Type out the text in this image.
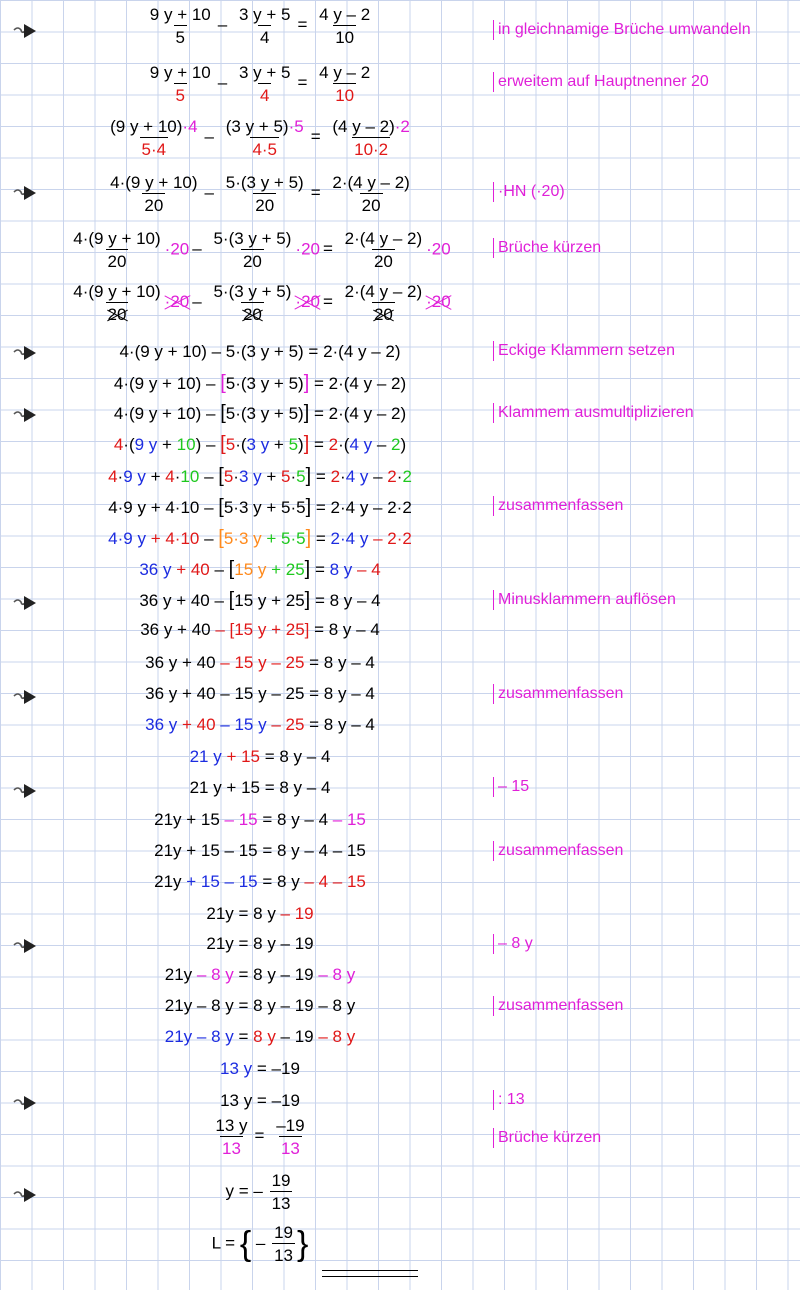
$\frac{9 y + 10}{5} - \frac{3 y + 5}{4} = \frac{4 y - 2}{10}$	in gleichnamige Brüche umwandeln
$\frac{9 y + 10}{5} - \frac{3 y + 5}{4} = \frac{4 y - 2}{10}$	erweitem auf Hauptnenner 20
$\frac{(9 y + 10)\cdot 4}{5\cdot 4} - \frac{(3 y + 5)\cdot 5}{4\cdot 5} = \frac{(4 y - 2)\cdot 2}{10\cdot 2}$
$\frac{4\cdot(9 y + 10)}{20} - \frac{5\cdot(3 y + 5)}{20} = \frac{2\cdot(4 y - 2)}{20}$	·HN (·20)
$\frac{4\cdot(9 y + 10)}{20} \cdot 20 - \frac{5\cdot(3 y + 5)}{20} \cdot 20 = \frac{2\cdot(4 y - 2)}{20} \cdot 20$	Brüche kürzen
$\frac{4\cdot(9 y + 10)}{20} \cdot 20 - \frac{5\cdot(3 y + 5)}{20} \cdot 20 = \frac{2\cdot(4 y - 2)}{20} \cdot 20$
4·(9 y + 10) – 5·(3 y + 5) = 2·(4 y – 2)	Eckige Klammern setzen
4·(9 y + 10) – [5·(3 y + 5)] = 2·(4 y – 2)
4·(9 y + 10) – [5·(3 y + 5)] = 2·(4 y – 2)	Klammem ausmultiplizieren
4·(9 y + 10) – [5·(3 y + 5)] = 2·(4 y – 2)
4·9 y + 4·10 – [5·3 y + 5·5] = 2·4 y – 2·2
4·9 y + 4·10 – [5·3 y + 5·5] = 2·4 y – 2·2	zusammenfassen
4·9 y + 4·10 – [5·3 y + 5·5] = 2·4 y – 2·2
36 y + 40 – [15 y + 25] = 8 y – 4
36 y + 40 – [15 y + 25] = 8 y – 4	Minusklammern auflösen
36 y + 40 – [15 y + 25] = 8 y – 4
36 y + 40 – 15 y – 25 = 8 y – 4
36 y + 40 – 15 y – 25 = 8 y – 4	zusammenfassen
36 y + 40 – 15 y – 25 = 8 y – 4
21 y + 15 = 8 y – 4
21 y + 15 = 8 y – 4	– 15
21y + 15 – 15 = 8 y – 4 – 15
21y + 15 – 15 = 8 y – 4 – 15	zusammenfassen
21y + 15 – 15 = 8 y – 4 – 15
21y = 8 y – 19
21y = 8 y – 19	– 8 y
21y – 8 y = 8 y – 19 – 8 y
21y – 8 y = 8 y – 19 – 8 y	zusammenfassen
21y – 8 y = 8 y – 19 – 8 y
13 y = –19
13 y = –19	: 13
$\frac{13 y}{13} = \frac{-19}{13}$	Brüche kürzen
y = – $\frac{19}{13}$
L = { – $\frac{19}{13}$ }
